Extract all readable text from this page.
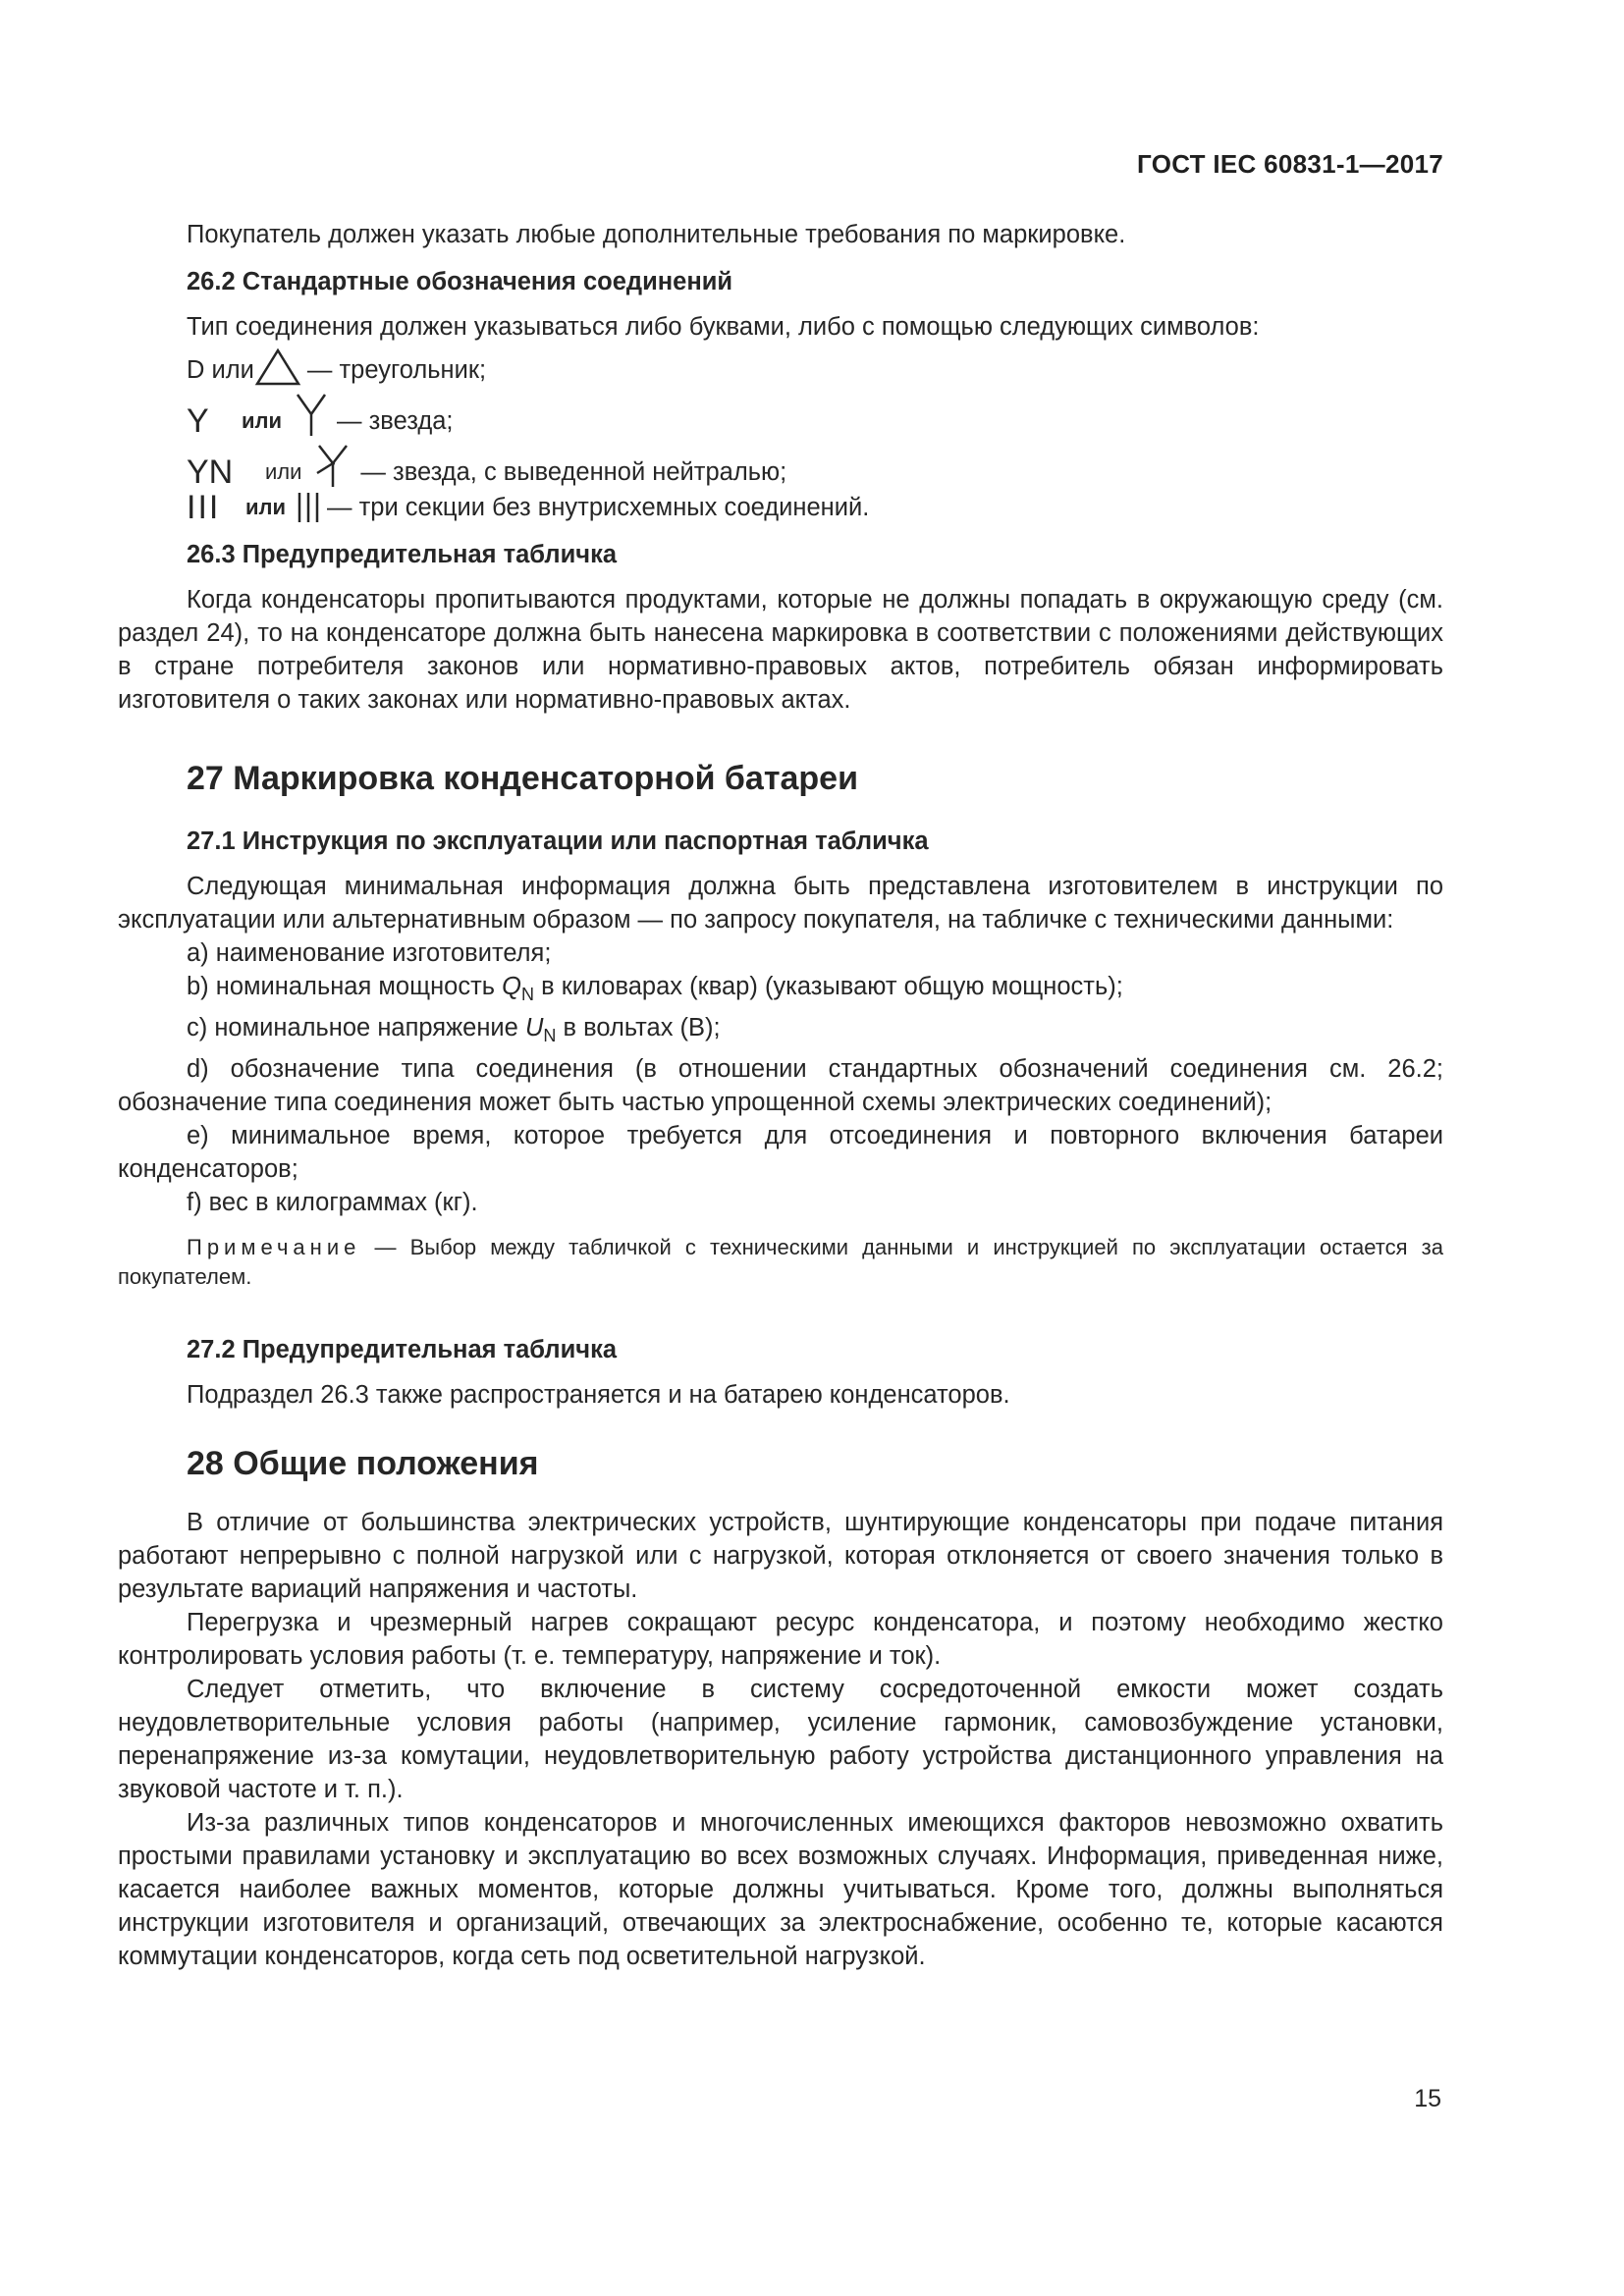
ГОСТ IEC 60831-1—2017

Покупатель должен указать любые дополнительные требования по маркировке.

26.2 Стандартные обозначения соединений

Тип соединения должен указываться либо буквами, либо с помощью следующих символов:

D
или — треугольник;
Y	или — звезда;
YN	или — звезда, с выведенной нейтралью;
III или — три секции без внутрисхемных соединений.

26.3 Предупредительная табличка

Когда конденсаторы пропитываются продуктами, которые не должны попадать в окружающую среду (см. раздел 24), то на конденсаторе должна быть нанесена маркировка в соответствии с положениями действующих в стране потребителя законов или нормативно-правовых актов, потребитель обязан информировать изготовителя о таких законах или нормативно-правовых актах.

27 Маркировка конденсаторной батареи

27.1 Инструкция по эксплуатации или паспортная табличка

Следующая минимальная информация должна быть представлена изготовителем в инструкции по эксплуатации или альтернативным образом — по запросу покупателя, на табличке с техническими данными:

a) наименование изготовителя;

b) номинальная мощность $Q_N$ в киловарах (квар) (указывают общую мощность);

c) номинальное напряжение $U_N$ в вольтах (В);

d) обозначение типа соединения (в отношении стандартных обозначений соединения см. 26.2; обозначение типа соединения может быть частью упрощенной схемы электрических соединений);

e) минимальное время, которое требуется для отсоединения и повторного включения батареи конденсаторов;

f) вес в килограммах (кг).

Примечание — Выбор между табличкой с техническими данными и инструкцией по эксплуатации остается за покупателем.

27.2 Предупредительная табличка

Подраздел 26.3 также распространяется и на батарею конденсаторов.

28 Общие положения

В отличие от большинства электрических устройств, шунтирующие конденсаторы при подаче питания работают непрерывно с полной нагрузкой или с нагрузкой, которая отклоняется от своего значения только в результате вариаций напряжения и частоты.

Перегрузка и чрезмерный нагрев сокращают ресурс конденсатора, и поэтому необходимо жестко контролировать условия работы (т. е. температуру, напряжение и ток).

Следует отметить, что включение в систему сосредоточенной емкости может создать неудовлетворительные условия работы (например, усиление гармоник, самовозбуждение установки, перенапряжение из-за комутации, неудовлетворительную работу устройства дистанционного управления на звуковой частоте и т. п.).

Из-за различных типов конденсаторов и многочисленных имеющихся факторов невозможно охватить простыми правилами установку и эксплуатацию во всех возможных случаях. Информация, приведенная ниже, касается наиболее важных моментов, которые должны учитываться. Кроме того, должны выполняться инструкции изготовителя и организаций, отвечающих за электроснабжение, особенно те, которые касаются коммутации конденсаторов, когда сеть под осветительной нагрузкой.

15
